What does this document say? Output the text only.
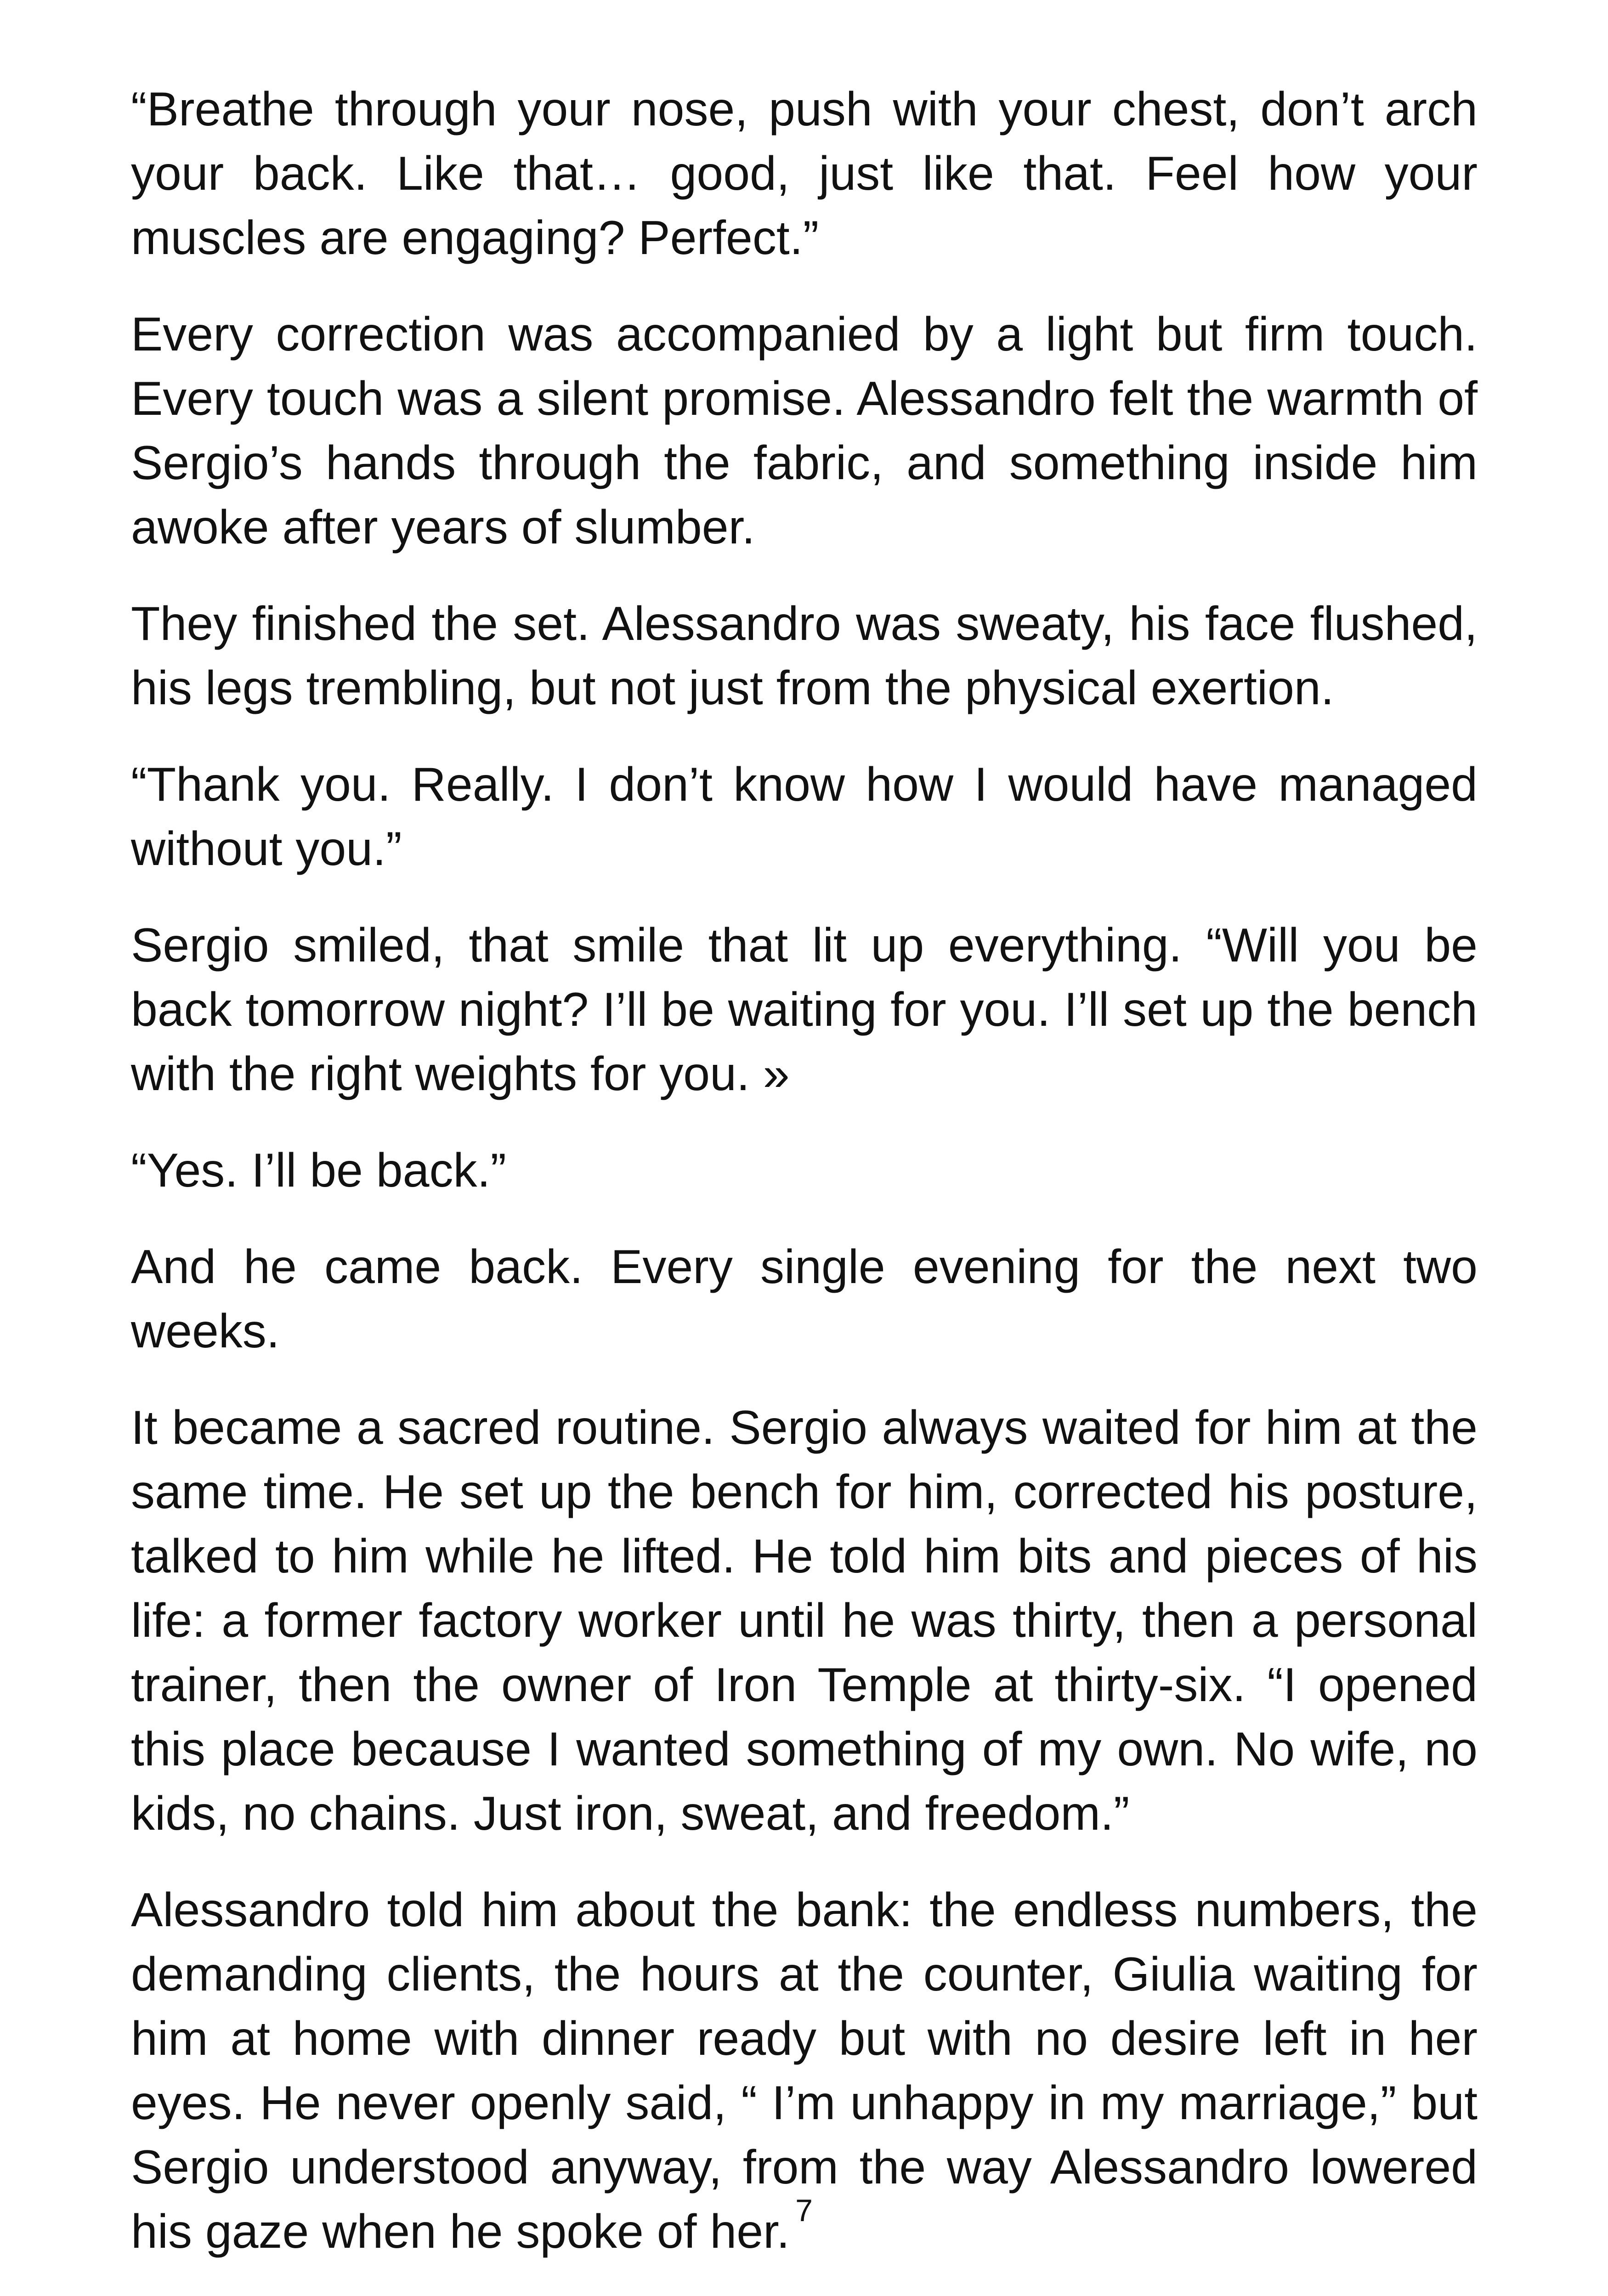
“Breathe through your nose, push with your chest, don’t arch your back. Like that… good, just like that. Feel how your muscles are engaging? Perfect.”

Every correction was accompanied by a light but firm touch. Every touch was a silent promise. Alessandro felt the warmth of Sergio’s hands through the fabric, and something inside him awoke after years of slumber.

They finished the set. Alessandro was sweaty, his face flushed, his legs trembling, but not just from the physical exertion.

“Thank you. Really. I don’t know how I would have managed without you.”

Sergio smiled, that smile that lit up everything. “Will you be back tomorrow night? I’ll be waiting for you. I’ll set up the bench with the right weights for you. »

“Yes. I’ll be back.”

And he came back. Every single evening for the next two weeks.

It became a sacred routine. Sergio always waited for him at the same time. He set up the bench for him, corrected his posture, talked to him while he lifted. He told him bits and pieces of his life: a former factory worker until he was thirty, then a personal trainer, then the owner of Iron Temple at thirty-six. “I opened this place because I wanted something of my own. No wife, no kids, no chains. Just iron, sweat, and freedom.”

Alessandro told him about the bank: the endless numbers, the demanding clients, the hours at the counter, Giulia waiting for him at home with dinner ready but with no desire left in her eyes. He never openly said, “ I’m unhappy in my marriage,” but Sergio understood anyway, from the way Alessandro lowered his gaze when he spoke of her. 7
